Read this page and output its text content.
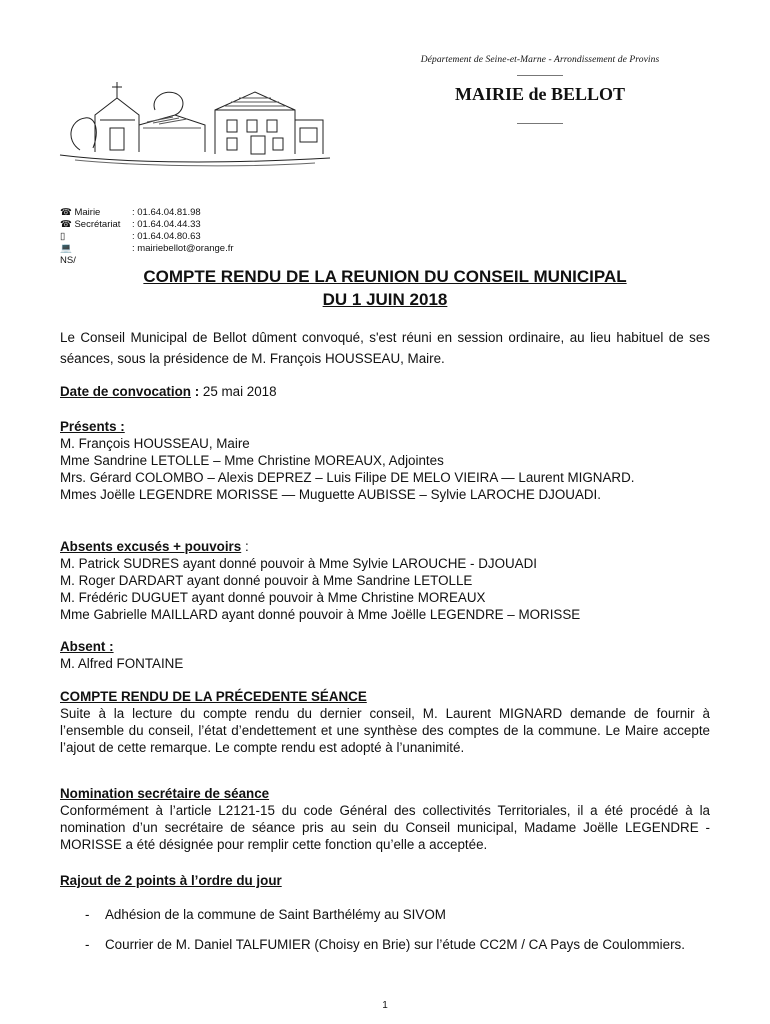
Département de Seine-et-Marne - Arrondissement de Provins
MAIRIE de BELLOT
☎ Mairie	: 01.64.04.81.98
☎ Secrétariat	: 01.64.04.44.33
▯	: 01.64.04.80.63
💻	: mairiebellot@orange.fr
NS/
COMPTE RENDU DE LA REUNION DU CONSEIL MUNICIPAL
DU 1 JUIN 2018
Le Conseil Municipal de Bellot dûment convoqué, s'est réuni en session ordinaire, au lieu habituel de ses séances, sous la présidence de M. François HOUSSEAU, Maire.
Date de convocation : 25 mai 2018
Présents :
M. François HOUSSEAU, Maire
Mme Sandrine LETOLLE – Mme Christine MOREAUX, Adjointes
Mrs. Gérard COLOMBO – Alexis DEPREZ – Luis Filipe DE MELO VIEIRA — Laurent MIGNARD.
Mmes Joëlle LEGENDRE MORISSE — Muguette AUBISSE – Sylvie LAROCHE DJOUADI.
Absents excusés + pouvoirs :
M. Patrick SUDRES ayant donné pouvoir à Mme Sylvie LAROUCHE - DJOUADI
M. Roger DARDART ayant donné pouvoir à Mme Sandrine LETOLLE
M. Frédéric DUGUET ayant donné pouvoir à Mme Christine MOREAUX
Mme Gabrielle MAILLARD ayant donné pouvoir à Mme Joëlle LEGENDRE – MORISSE
Absent :
M. Alfred FONTAINE
COMPTE RENDU DE LA PRÉCEDENTE SÉANCE
Suite à la lecture du compte rendu du dernier conseil, M. Laurent MIGNARD demande de fournir à l’ensemble du conseil, l’état d’endettement et une synthèse des comptes de la commune. Le Maire accepte l’ajout de cette remarque. Le compte rendu est adopté à l’unanimité.
Nomination secrétaire de séance
Conformément à l’article L2121-15 du code Général des collectivités Territoriales, il a été procédé à la nomination d’un secrétaire de séance pris au sein du Conseil municipal, Madame Joëlle LEGENDRE - MORISSE a été désignée pour remplir cette fonction qu’elle a acceptée.
Rajout de 2 points à l’ordre du jour
-	Adhésion de la commune de Saint Barthélémy au SIVOM
-	Courrier de M. Daniel TALFUMIER (Choisy en Brie) sur l’étude CC2M / CA Pays de Coulommiers.
1
